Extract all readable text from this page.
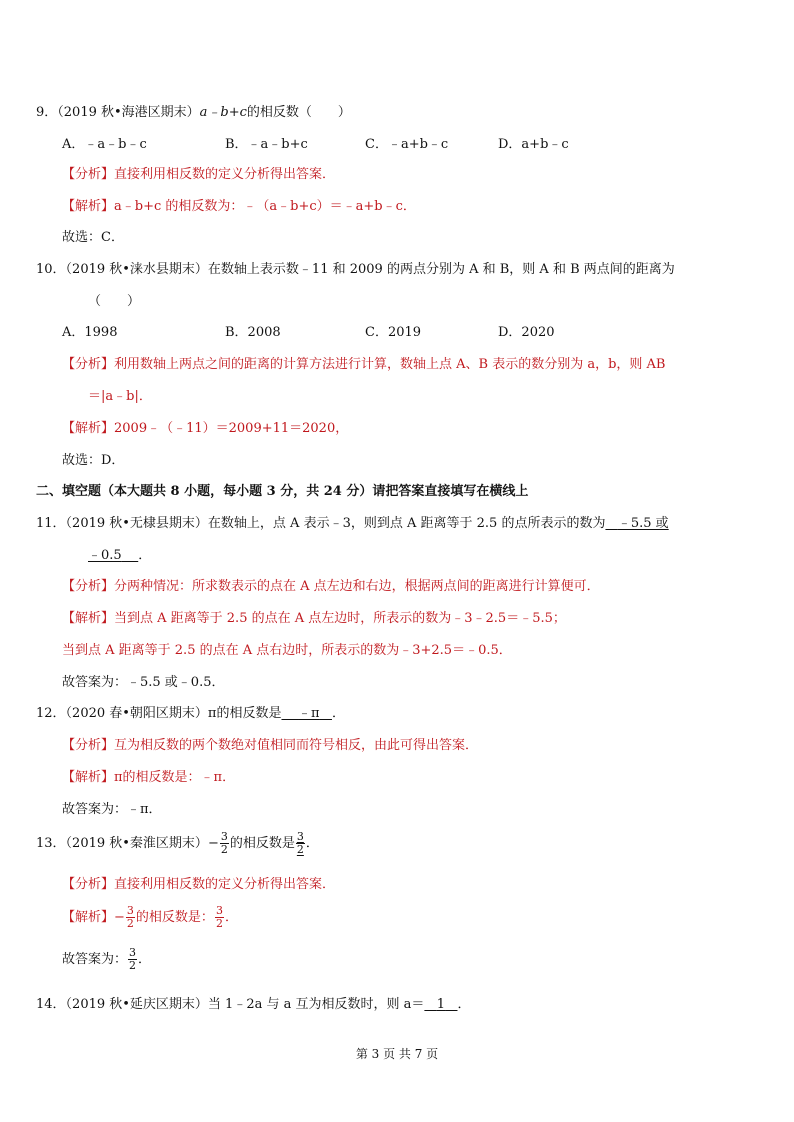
9．（2019 秋•海港区期末）a﹣b+c的相反数（　　）
A．﹣a﹣b﹣c	B．﹣a﹣b+c	C．﹣a+b﹣c	D．a+b﹣c
【分析】直接利用相反数的定义分析得出答案．
【解析】a﹣b+c 的相反数为：﹣（a﹣b+c）＝﹣a+b﹣c．
故选：C．
10．（2019 秋•涞水县期末）在数轴上表示数﹣11 和 2009 的两点分别为 A 和 B，则 A 和 B 两点间的距离为
（　　）
A．1998	B．2008	C．2019	D．2020
【分析】利用数轴上两点之间的距离的计算方法进行计算，数轴上点 A、B 表示的数分别为 a，b，则 AB
＝|a﹣b|．
【解析】2009﹣（﹣11）＝2009+11＝2020，
故选：D．
二、填空题（本大题共 8 小题，每小题 3 分，共 24 分）请把答案直接填写在横线上
11．（2019 秋•无棣县期末）在数轴上，点 A 表示﹣3，则到点 A 距离等于 2.5 的点所表示的数为 ﹣5.5 或
﹣0.5 ．
【分析】分两种情况：所求数表示的点在 A 点左边和右边，根据两点间的距离进行计算便可．
【解析】当到点 A 距离等于 2.5 的点在 A 点左边时，所表示的数为﹣3﹣2.5＝﹣5.5；
当到点 A 距离等于 2.5 的点在 A 点右边时，所表示的数为﹣3+2.5＝﹣0.5．
故答案为：﹣5.5 或﹣0.5．
12．（2020 春•朝阳区期末）π的相反数是 ﹣π ．
【分析】互为相反数的两个数绝对值相同而符号相反，由此可得出答案．
【解析】π的相反数是：﹣π．
故答案为：﹣π．
13．（2019 秋•秦淮区期末）− $\frac{3}{2}$ 的相反数是 $\frac{3}{2}$ ．
【分析】直接利用相反数的定义分析得出答案．
【解析】− $\frac{3}{2}$ 的相反数是： $\frac{3}{2}$ ．
故答案为： $\frac{3}{2}$ ．
14．（2019 秋•延庆区期末）当 1﹣2a 与 a 互为相反数时，则 a＝ 1 ．
第 3 页 共 7 页
